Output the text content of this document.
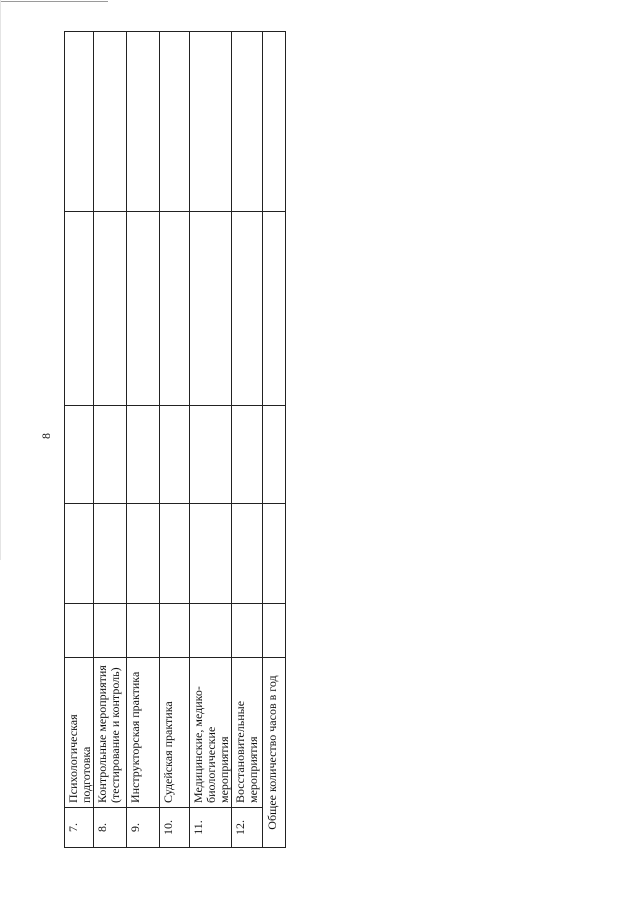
8
7.	Психологическая подготовка					
8.	Контрольные мероприятия (тестирование и контроль)					
9.	Инструкторская практика					
10.	Судейская практика					
11.	Медицинские, медико-биологические мероприятия					
12.	Восстановительные мероприятия					
Общее количество часов в год						
